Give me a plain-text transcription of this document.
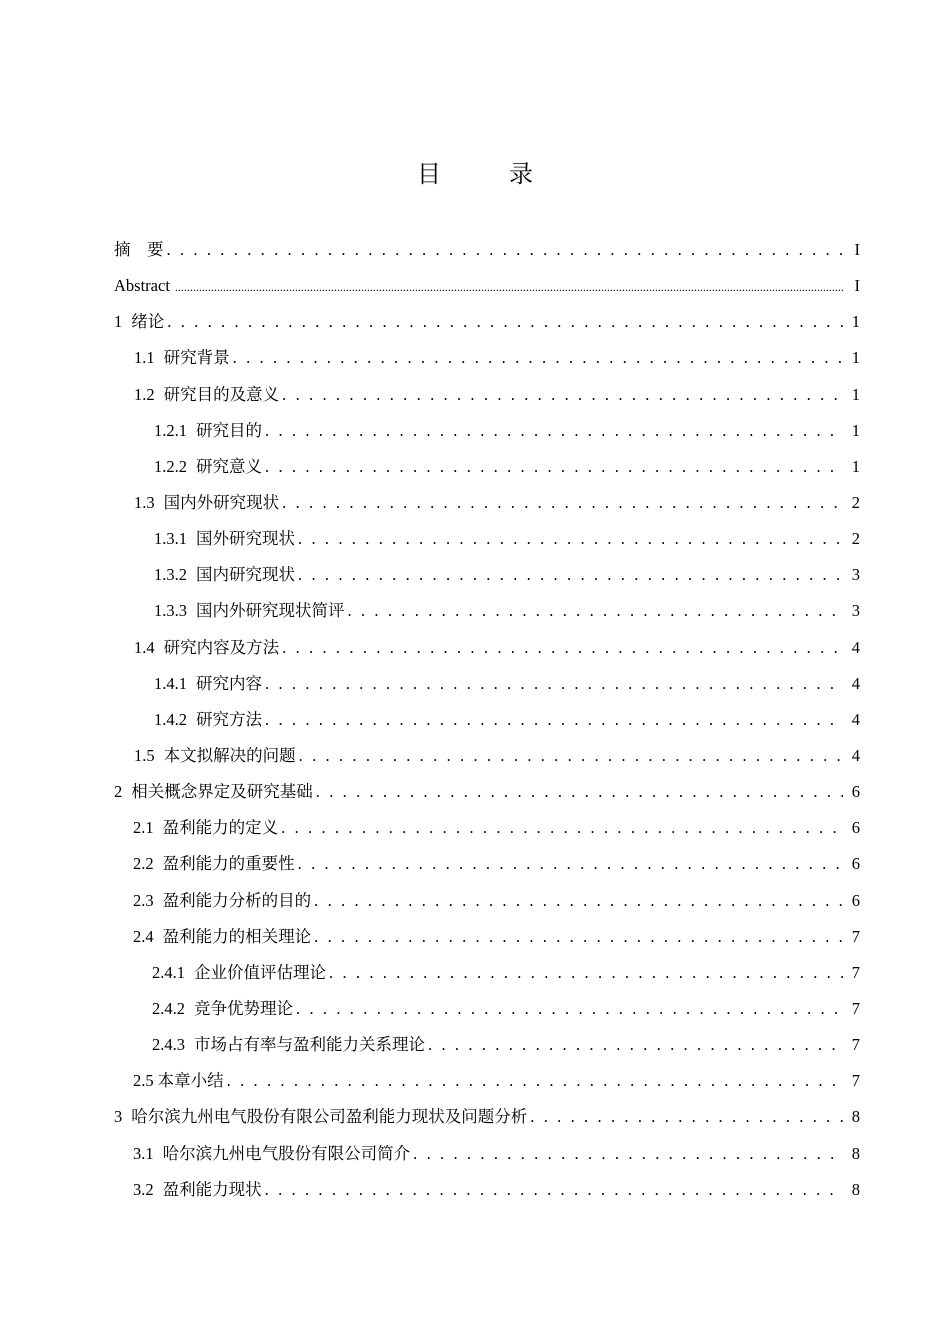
目　录
摘　要 . . .	I
Abstract .....	I
1 绪论 . . .	1
1.1 研究背景 . . .	1
1.2 研究目的及意义 . . .	1
1.2.1 研究目的 . . .	1
1.2.2 研究意义 . . .	1
1.3 国内外研究现状 . . .	2
1.3.1 国外研究现状 . . .	2
1.3.2 国内研究现状 . . .	3
1.3.3 国内外研究现状简评 . . .	3
1.4 研究内容及方法 . . .	4
1.4.1 研究内容 . . .	4
1.4.2 研究方法 . . .	4
1.5 本文拟解决的问题 . . .	4
2 相关概念界定及研究基础 . . .	6
2.1 盈利能力的定义 . . .	6
2.2 盈利能力的重要性 . . .	6
2.3 盈利能力分析的目的 . . .	6
2.4 盈利能力的相关理论 . . .	7
2.4.1 企业价值评估理论 . . .	7
2.4.2 竞争优势理论 . . .	7
2.4.3 市场占有率与盈利能力关系理论 . . .	7
2.5 本章小结 . . .	7
3 哈尔滨九州电气股份有限公司盈利能力现状及问题分析 . . .	8
3.1 哈尔滨九州电气股份有限公司简介 . . .	8
3.2 盈利能力现状 . . .	8
